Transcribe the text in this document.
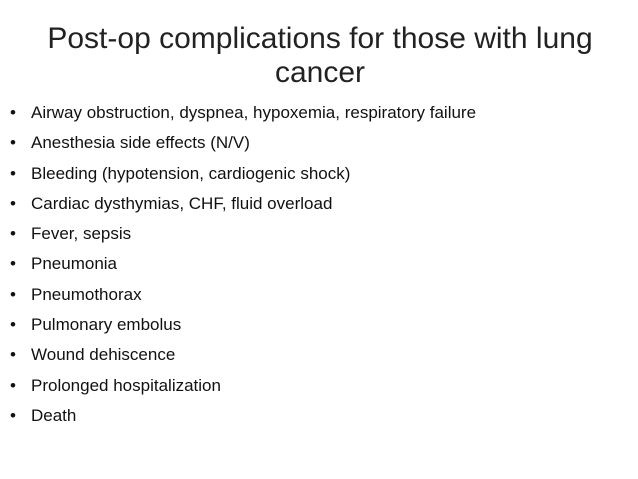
Post-op complications for those with lung cancer
• Airway obstruction, dyspnea, hypoxemia, respiratory failure
• Anesthesia side effects (N/V)
• Bleeding (hypotension, cardiogenic shock)
• Cardiac dysthymias, CHF, fluid overload
• Fever, sepsis
• Pneumonia
• Pneumothorax
• Pulmonary embolus
• Wound dehiscence
• Prolonged hospitalization
• Death
